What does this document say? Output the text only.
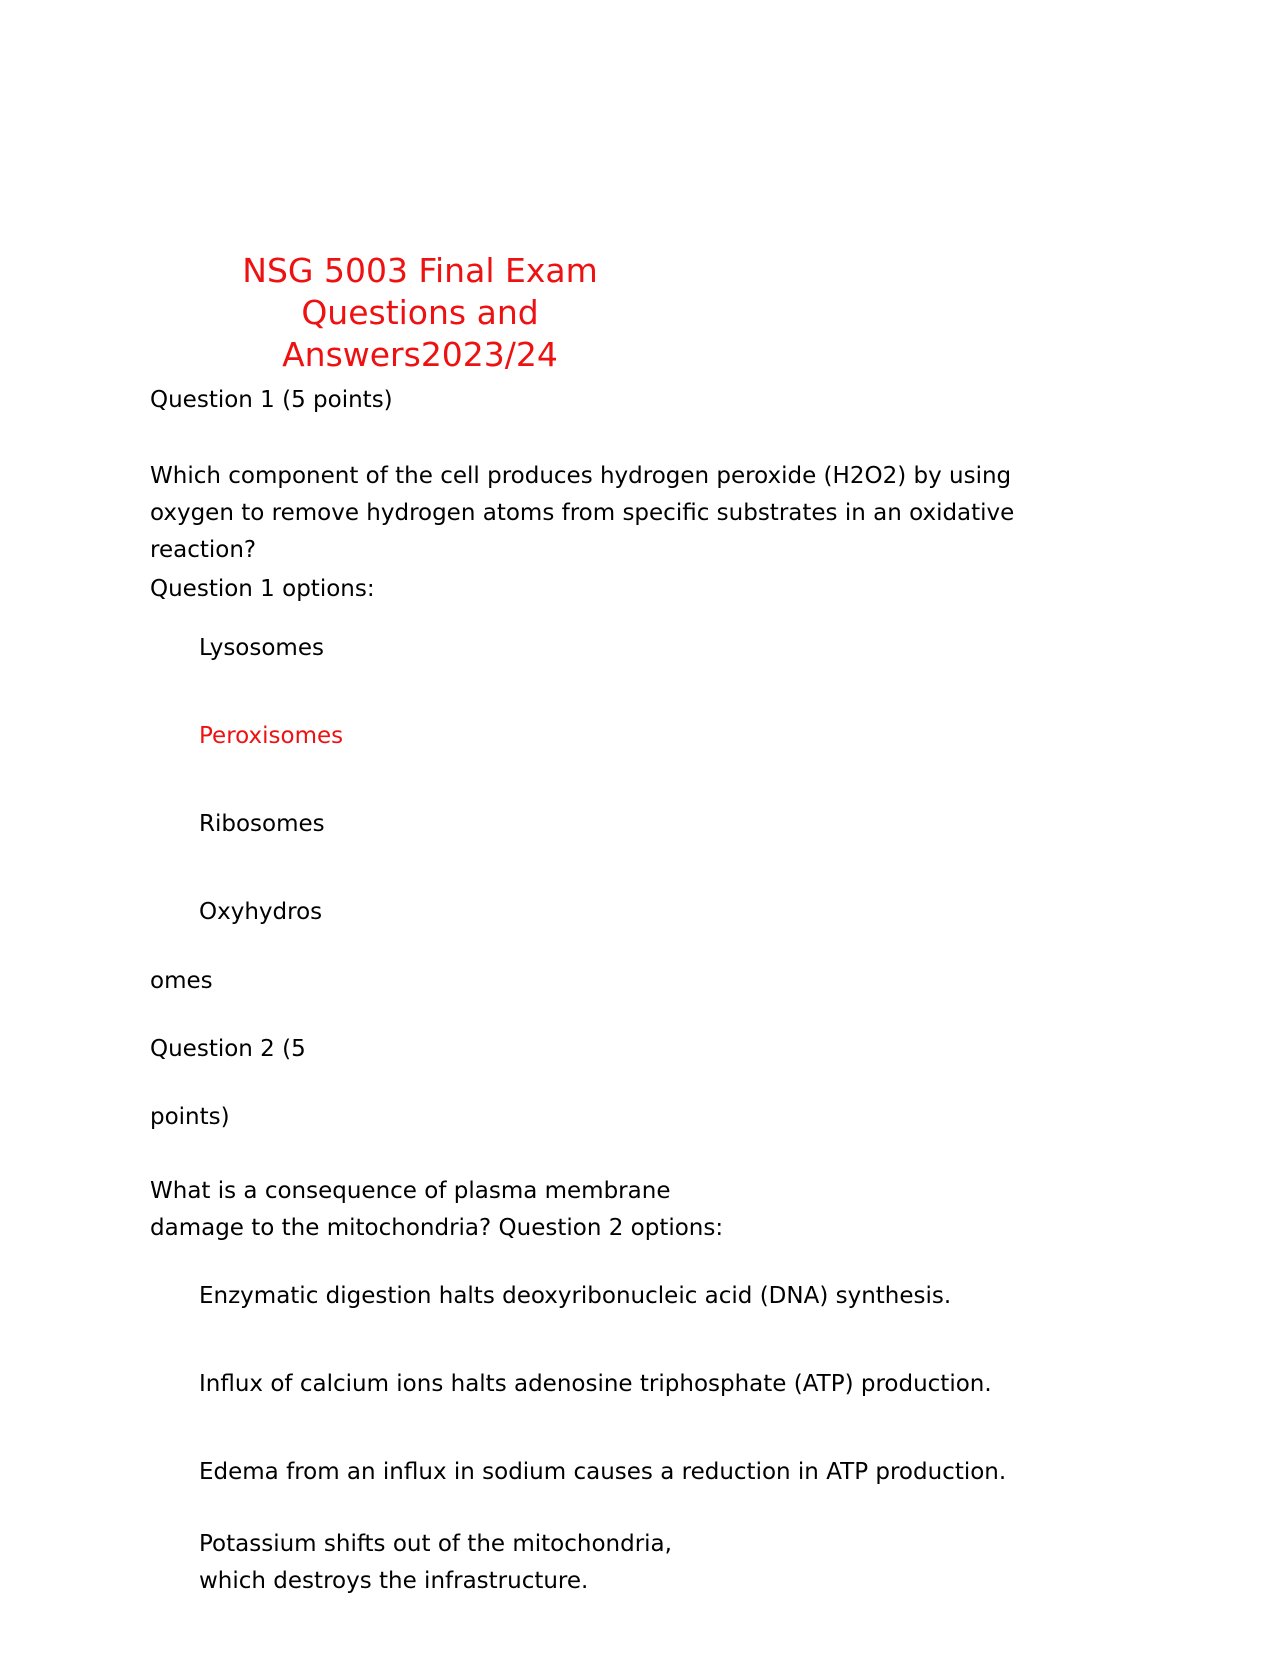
NSG 5003 Final Exam
Questions and
Answers2023/24
Question 1 (5 points)
Which component of the cell produces hydrogen peroxide (H2O2) by using
oxygen to remove hydrogen atoms from specific substrates in an oxidative
reaction?
Question 1 options:
Lysosomes
Peroxisomes
Ribosomes
Oxyhydros
omes
Question 2 (5
points)
What is a consequence of plasma membrane
damage to the mitochondria? Question 2 options:
Enzymatic digestion halts deoxyribonucleic acid (DNA) synthesis.
Influx of calcium ions halts adenosine triphosphate (ATP) production.
Edema from an influx in sodium causes a reduction in ATP production.
Potassium shifts out of the mitochondria,
which destroys the infrastructure.
